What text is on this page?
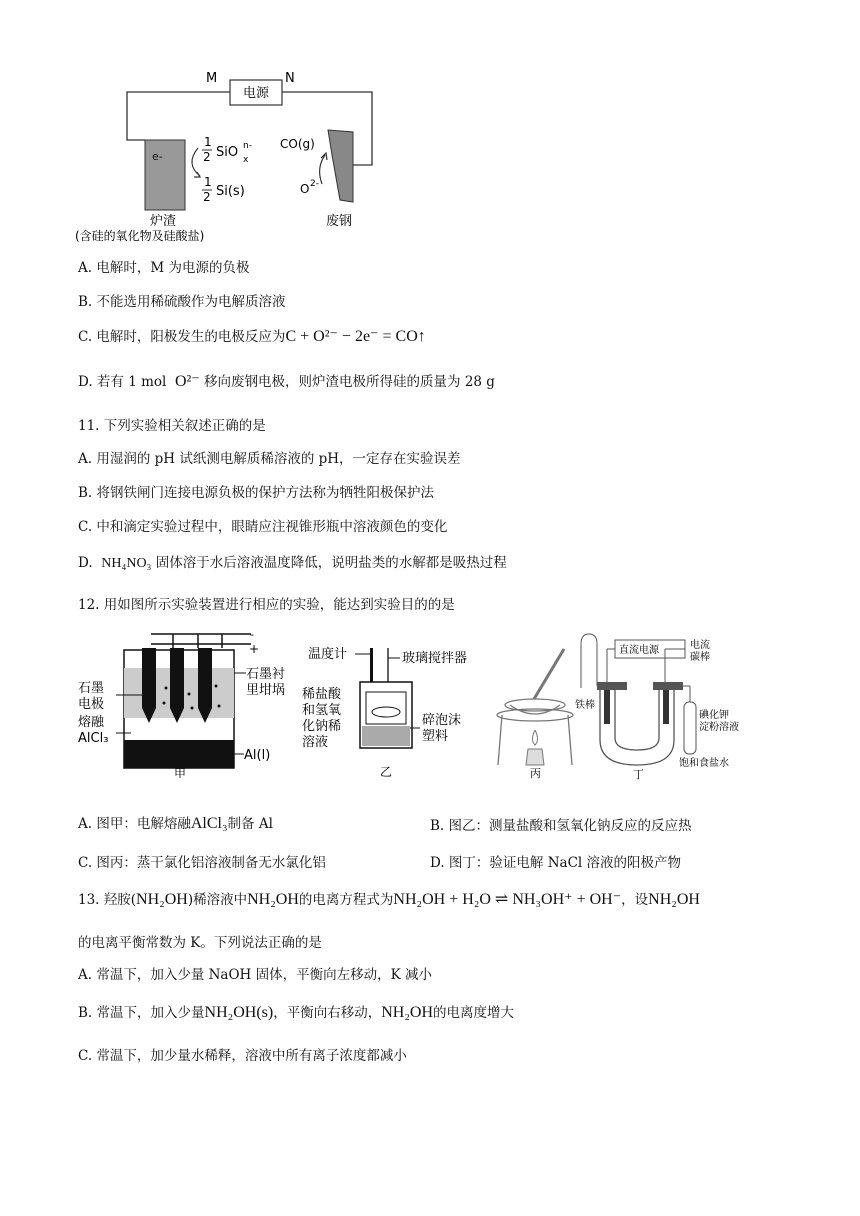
电源
M	N
e-
1
2 SiO n-
x
1
2 Si(s)
CO(g)
O 2-
炉渣
(含硅的氧化物及硅酸盐)
废钢
A. 电解时，M 为电源的负极
B. 不能选用稀硫酸作为电解质溶液
C. 电解时，阳极发生的电极反应为C + O²⁻ − 2e⁻ = CO↑
D. 若有 1 mol O²⁻ 移向废钢电极，则炉渣电极所得硅的质量为 28 g
11. 下列实验相关叙述正确的是
A. 用湿润的 pH 试纸测电解质稀溶液的 pH，一定存在实验误差
B. 将钢铁闸门连接电源负极的保护方法称为牺牲阳极保护法
C. 中和滴定实验过程中，眼睛应注视锥形瓶中溶液颜色的变化
D. NH₄NO₃ 固体溶于水后溶液温度降低，说明盐类的水解都是吸热过程
12. 用如图所示实验装置进行相应的实验，能达到实验目的的是
-
+
石墨
电极
石墨衬
里坩埚
熔融
AlCl₃
Al(l)
甲
温度计	玻璃搅拌器
稀盐酸
和氢氧
化钠稀
溶液
碎泡沫
塑料
乙	丙
直流电源	电流
碳棒
碘化钾
淀粉溶液
铁棒
饱和食盐水
丁
A. 图甲：电解熔融AlCl₃制备 Al	B. 图乙：测量盐酸和氢氧化钠反应的反应热
C. 图丙：蒸干氯化铝溶液制备无水氯化铝	D. 图丁：验证电解 NaCl 溶液的阳极产物
13. 羟胺(NH₂OH)稀溶液中NH₂OH的电离方程式为NH₂OH + H₂O ⇌ NH₃OH⁺ + OH⁻，设NH₂OH
的电离平衡常数为 K。下列说法正确的是
A. 常温下，加入少量 NaOH 固体，平衡向左移动，K 减小
B. 常温下，加入少量NH₂OH(s)，平衡向右移动，NH₂OH的电离度增大
C. 常温下，加少量水稀释，溶液中所有离子浓度都减小
